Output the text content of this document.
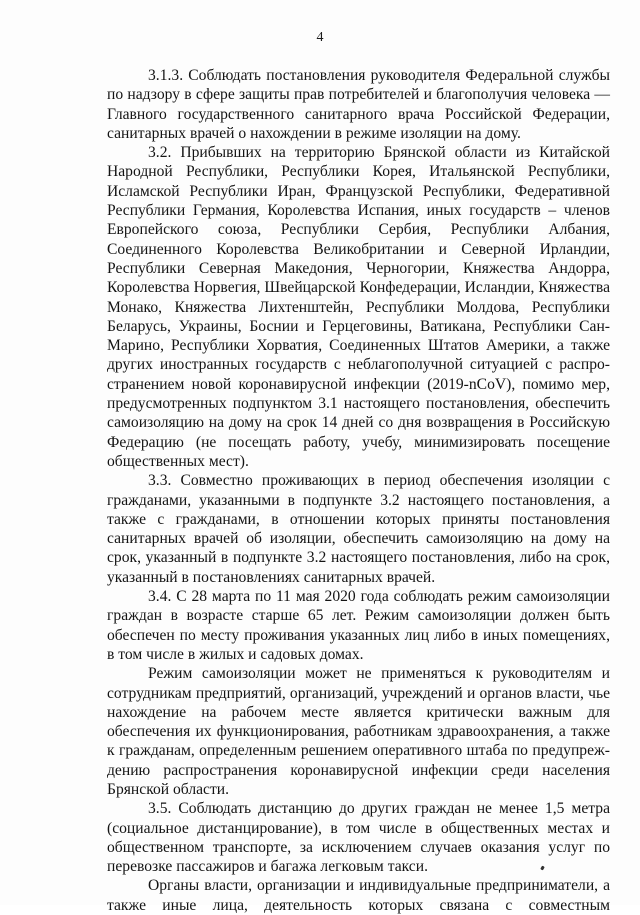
4

3.1.3. Соблюдать постановления руководителя Федеральной службы по надзору в сфере защиты прав потребителей и благополучия человека — Главного государственного санитарного врача Российской Федерации, санитарных врачей о нахождении в режиме изоляции на дому.

3.2. Прибывших на территорию Брянской области из Китайской Народной Республики, Республики Корея, Итальянской Республики, Исламской Республики Иран, Французской Республики, Федеративной Республики Германия, Королевства Испания, иных государств – членов Европейского союза, Республики Сербия, Республики Албания, Соединенного Королевства Великобритании и Северной Ирландии, Республики Северная Македония, Черногории, Княжества Андорра, Королевства Норвегия, Швейцарской Конфедерации, Исландии, Княжества Монако, Княжества Лихтенштейн, Республики Молдова, Республики Беларусь, Украины, Боснии и Герцеговины, Ватикана, Республики Сан-Марино, Республики Хорватия, Соединенных Штатов Америки, а также других иностранных государств с неблагополучной ситуацией с распространением новой коронавирусной инфекции (2019-nCoV), помимо мер, предусмотренных подпунктом 3.1 настоящего постановления, обеспечить самоизоляцию на дому на срок 14 дней со дня возвращения в Российскую Федерацию (не посещать работу, учебу, минимизировать посещение общественных мест).

3.3. Совместно проживающих в период обеспечения изоляции с гражданами, указанными в подпункте 3.2 настоящего постановления, а также с гражданами, в отношении которых приняты постановления санитарных врачей об изоляции, обеспечить самоизоляцию на дому на срок, указанный в подпункте 3.2 настоящего постановления, либо на срок, указанный в постановлениях санитарных врачей.

3.4. С 28 марта по 11 мая 2020 года соблюдать режим самоизоляции граждан в возрасте старше 65 лет. Режим самоизоляции должен быть обеспечен по месту проживания указанных лиц либо в иных помещениях, в том числе в жилых и садовых домах.

Режим самоизоляции может не применяться к руководителям и сотрудникам предприятий, организаций, учреждений и органов власти, чье нахождение на рабочем месте является критически важным для обеспечения их функционирования, работникам здравоохранения, а также к гражданам, определенным решением оперативного штаба по предупреждению распространения коронавирусной инфекции среди населения Брянской области.

3.5. Соблюдать дистанцию до других граждан не менее 1,5 метра (социальное дистанцирование), в том числе в общественных местах и общественном транспорте, за исключением случаев оказания услуг по перевозке пассажиров и багажа легковым такси.

Органы власти, организации и индивидуальные предприниматели, а также иные лица, деятельность которых связана с совместным
